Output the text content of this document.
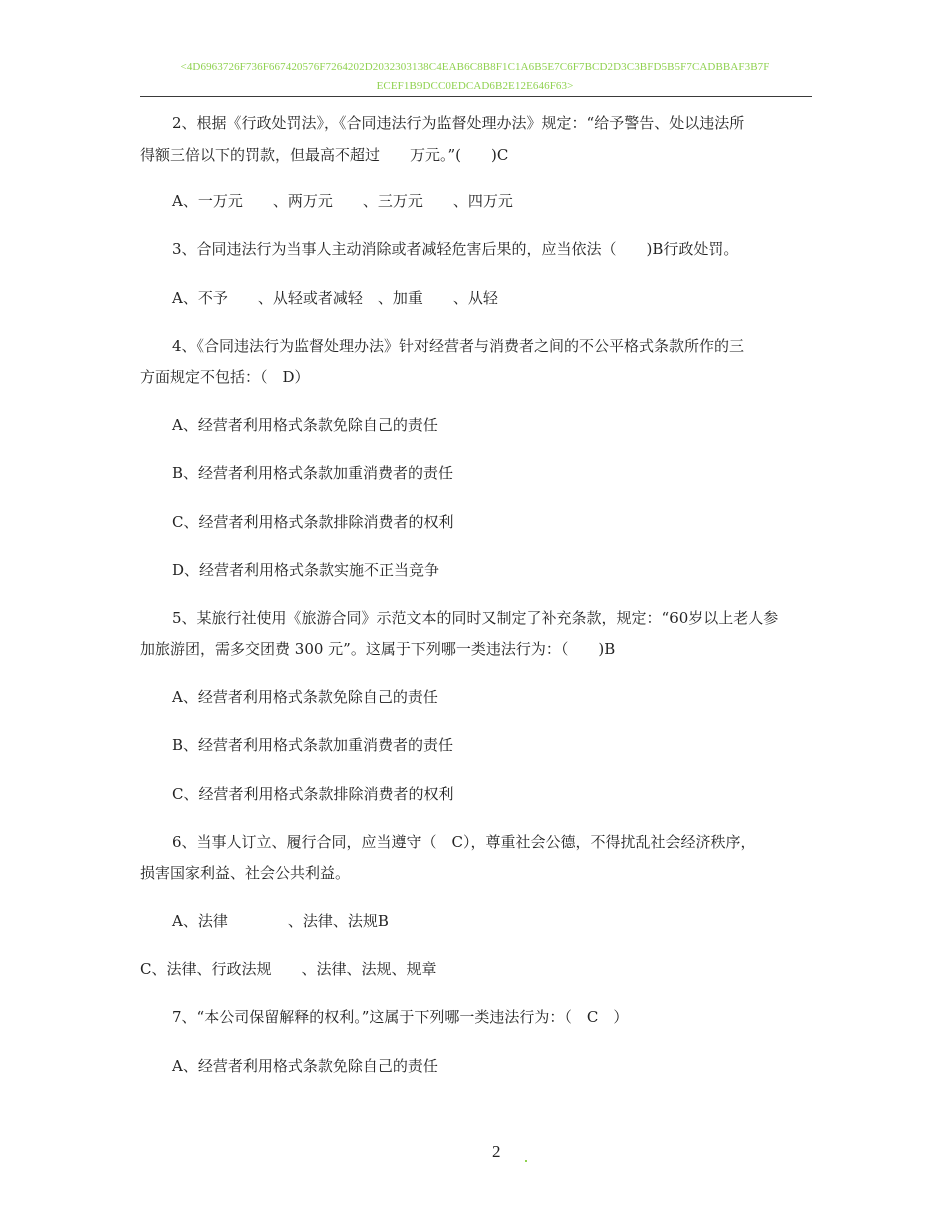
<4D6963726F736F667420576F7264202D2032303138C4EAB6C8B8F1C1A6B5E7C6F7BCD2D3C3BFD5B5F7CADBBAF3B7F
ECEF1B9DCC0EDCAD6B2E12E646F63>
2、根据《行政处罚法》，《合同违法行为监督处理办法》规定：“给予警告、处以违法所
得额三倍以下的罚款，但最高不超过　　万元。”(　　)C
A、一万元　　、两万元　　、三万元　　、四万元
3、合同违法行为当事人主动消除或者减轻危害后果的，应当依法（　　)B行政处罚。
A、不予　　、从轻或者减轻　、加重　　、从轻
4、《合同违法行为监督处理办法》针对经营者与消费者之间的不公平格式条款所作的三
方面规定不包括：（　D）
A、经营者利用格式条款免除自己的责任
B、经营者利用格式条款加重消费者的责任
C、经营者利用格式条款排除消费者的权利
D、经营者利用格式条款实施不正当竞争
5、某旅行社使用《旅游合同》示范文本的同时又制定了补充条款，规定：“60岁以上老人参
加旅游团，需多交团费 300 元”。这属于下列哪一类违法行为：（　　)B
A、经营者利用格式条款免除自己的责任
B、经营者利用格式条款加重消费者的责任
C、经营者利用格式条款排除消费者的权利
6、当事人订立、履行合同，应当遵守（　C），尊重社会公德，不得扰乱社会经济秩序，
损害国家利益、社会公共利益。
A、法律　　　　、法律、法规B
C、法律、行政法规　　、法律、法规、规章
7、“本公司保留解释的权利。”这属于下列哪一类违法行为：（　C　）
A、经营者利用格式条款免除自己的责任
2
